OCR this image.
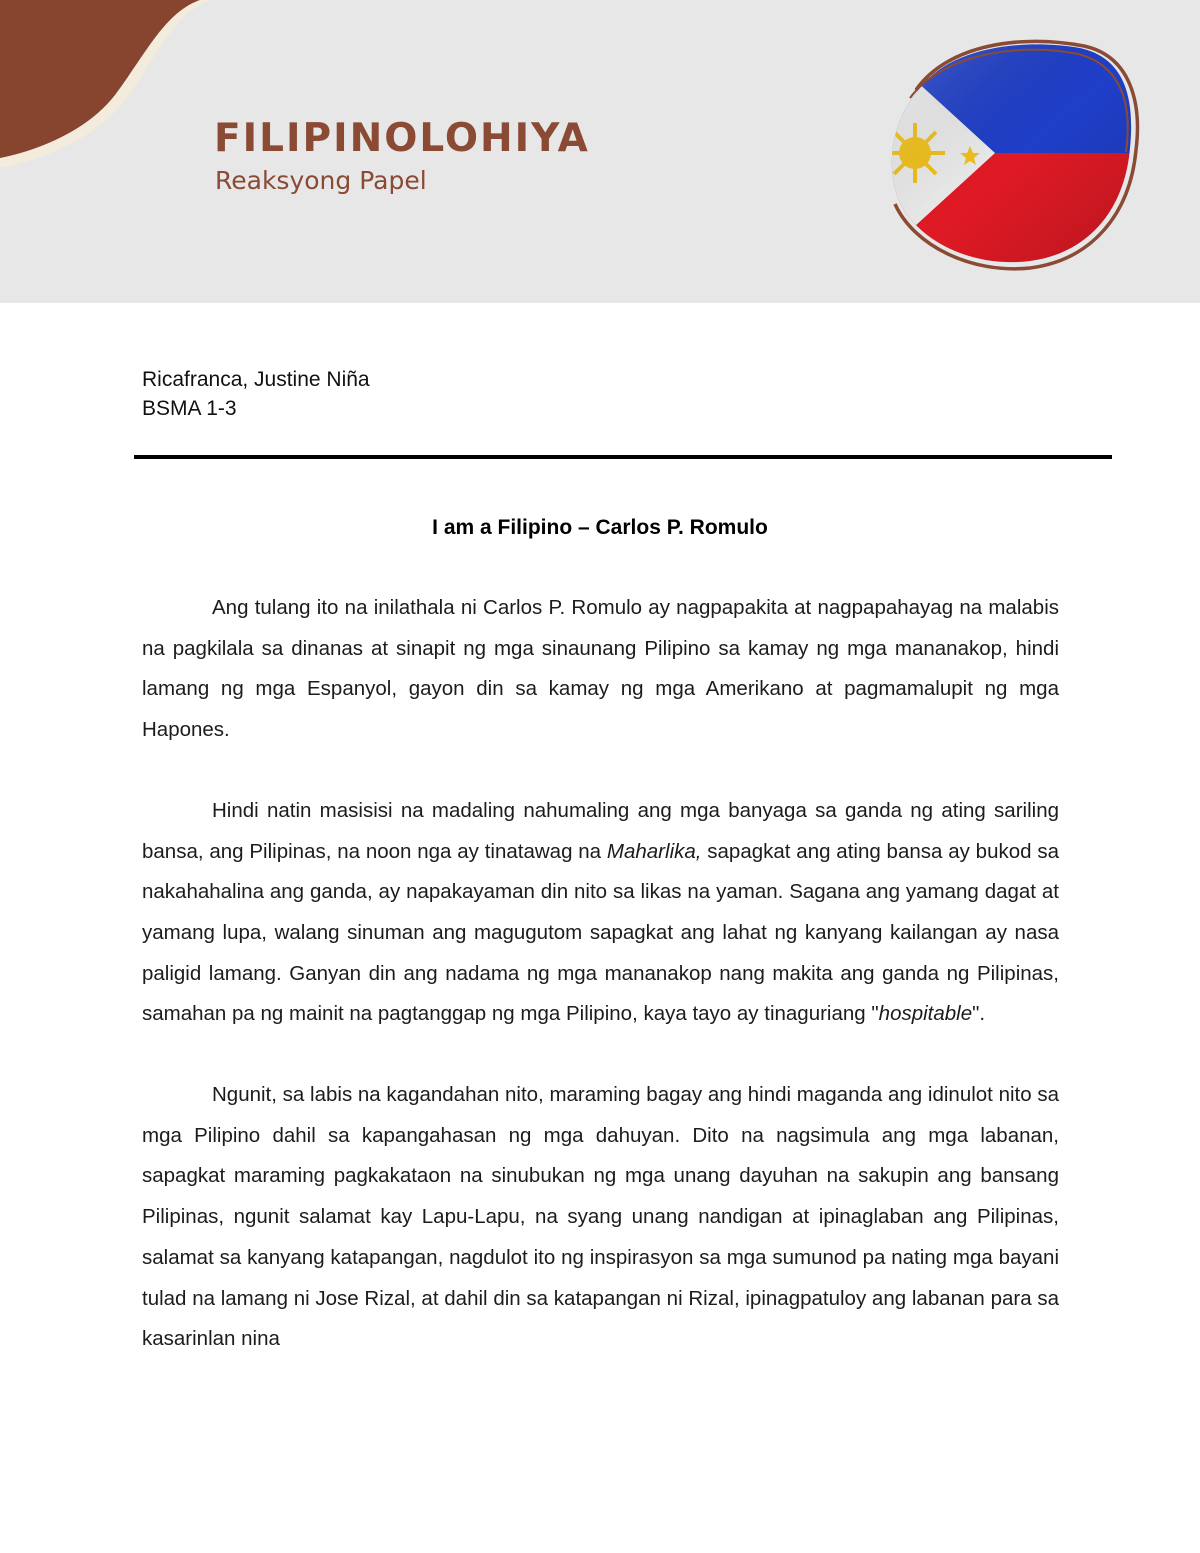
FILIPINOLOHIYA
Reaksyong Papel
Ricafranca, Justine Niña
BSMA 1-3
I am a Filipino – Carlos P. Romulo

Ang tulang ito na inilathala ni Carlos P. Romulo ay nagpapakita at nagpapahayag na malabis na pagkilala sa dinanas at sinapit ng mga sinaunang Pilipino sa kamay ng mga mananakop, hindi lamang ng mga Espanyol, gayon din sa kamay ng mga Amerikano at pagmamalupit ng mga Hapones.

Hindi natin masisisi na madaling nahumaling ang mga banyaga sa ganda ng ating sariling bansa, ang Pilipinas, na noon nga ay tinatawag na Maharlika, sapagkat ang ating bansa ay bukod sa nakahahalina ang ganda, ay napakayaman din nito sa likas na yaman. Sagana ang yamang dagat at yamang lupa, walang sinuman ang magugutom sapagkat ang lahat ng kanyang kailangan ay nasa paligid lamang. Ganyan din ang nadama ng mga mananakop nang makita ang ganda ng Pilipinas, samahan pa ng mainit na pagtanggap ng mga Pilipino, kaya tayo ay tinaguriang "hospitable".

Ngunit, sa labis na kagandahan nito, maraming bagay ang hindi maganda ang idinulot nito sa mga Pilipino dahil sa kapangahasan ng mga dahuyan. Dito na nagsimula ang mga labanan, sapagkat maraming pagkakataon na sinubukan ng mga unang dayuhan na sakupin ang bansang Pilipinas, ngunit salamat kay Lapu-Lapu, na syang unang nandigan at ipinaglaban ang Pilipinas, salamat sa kanyang katapangan, nagdulot ito ng inspirasyon sa mga sumunod pa nating mga bayani tulad na lamang ni Jose Rizal, at dahil din sa katapangan ni Rizal, ipinagpatuloy ang labanan para sa kasarinlan nina
